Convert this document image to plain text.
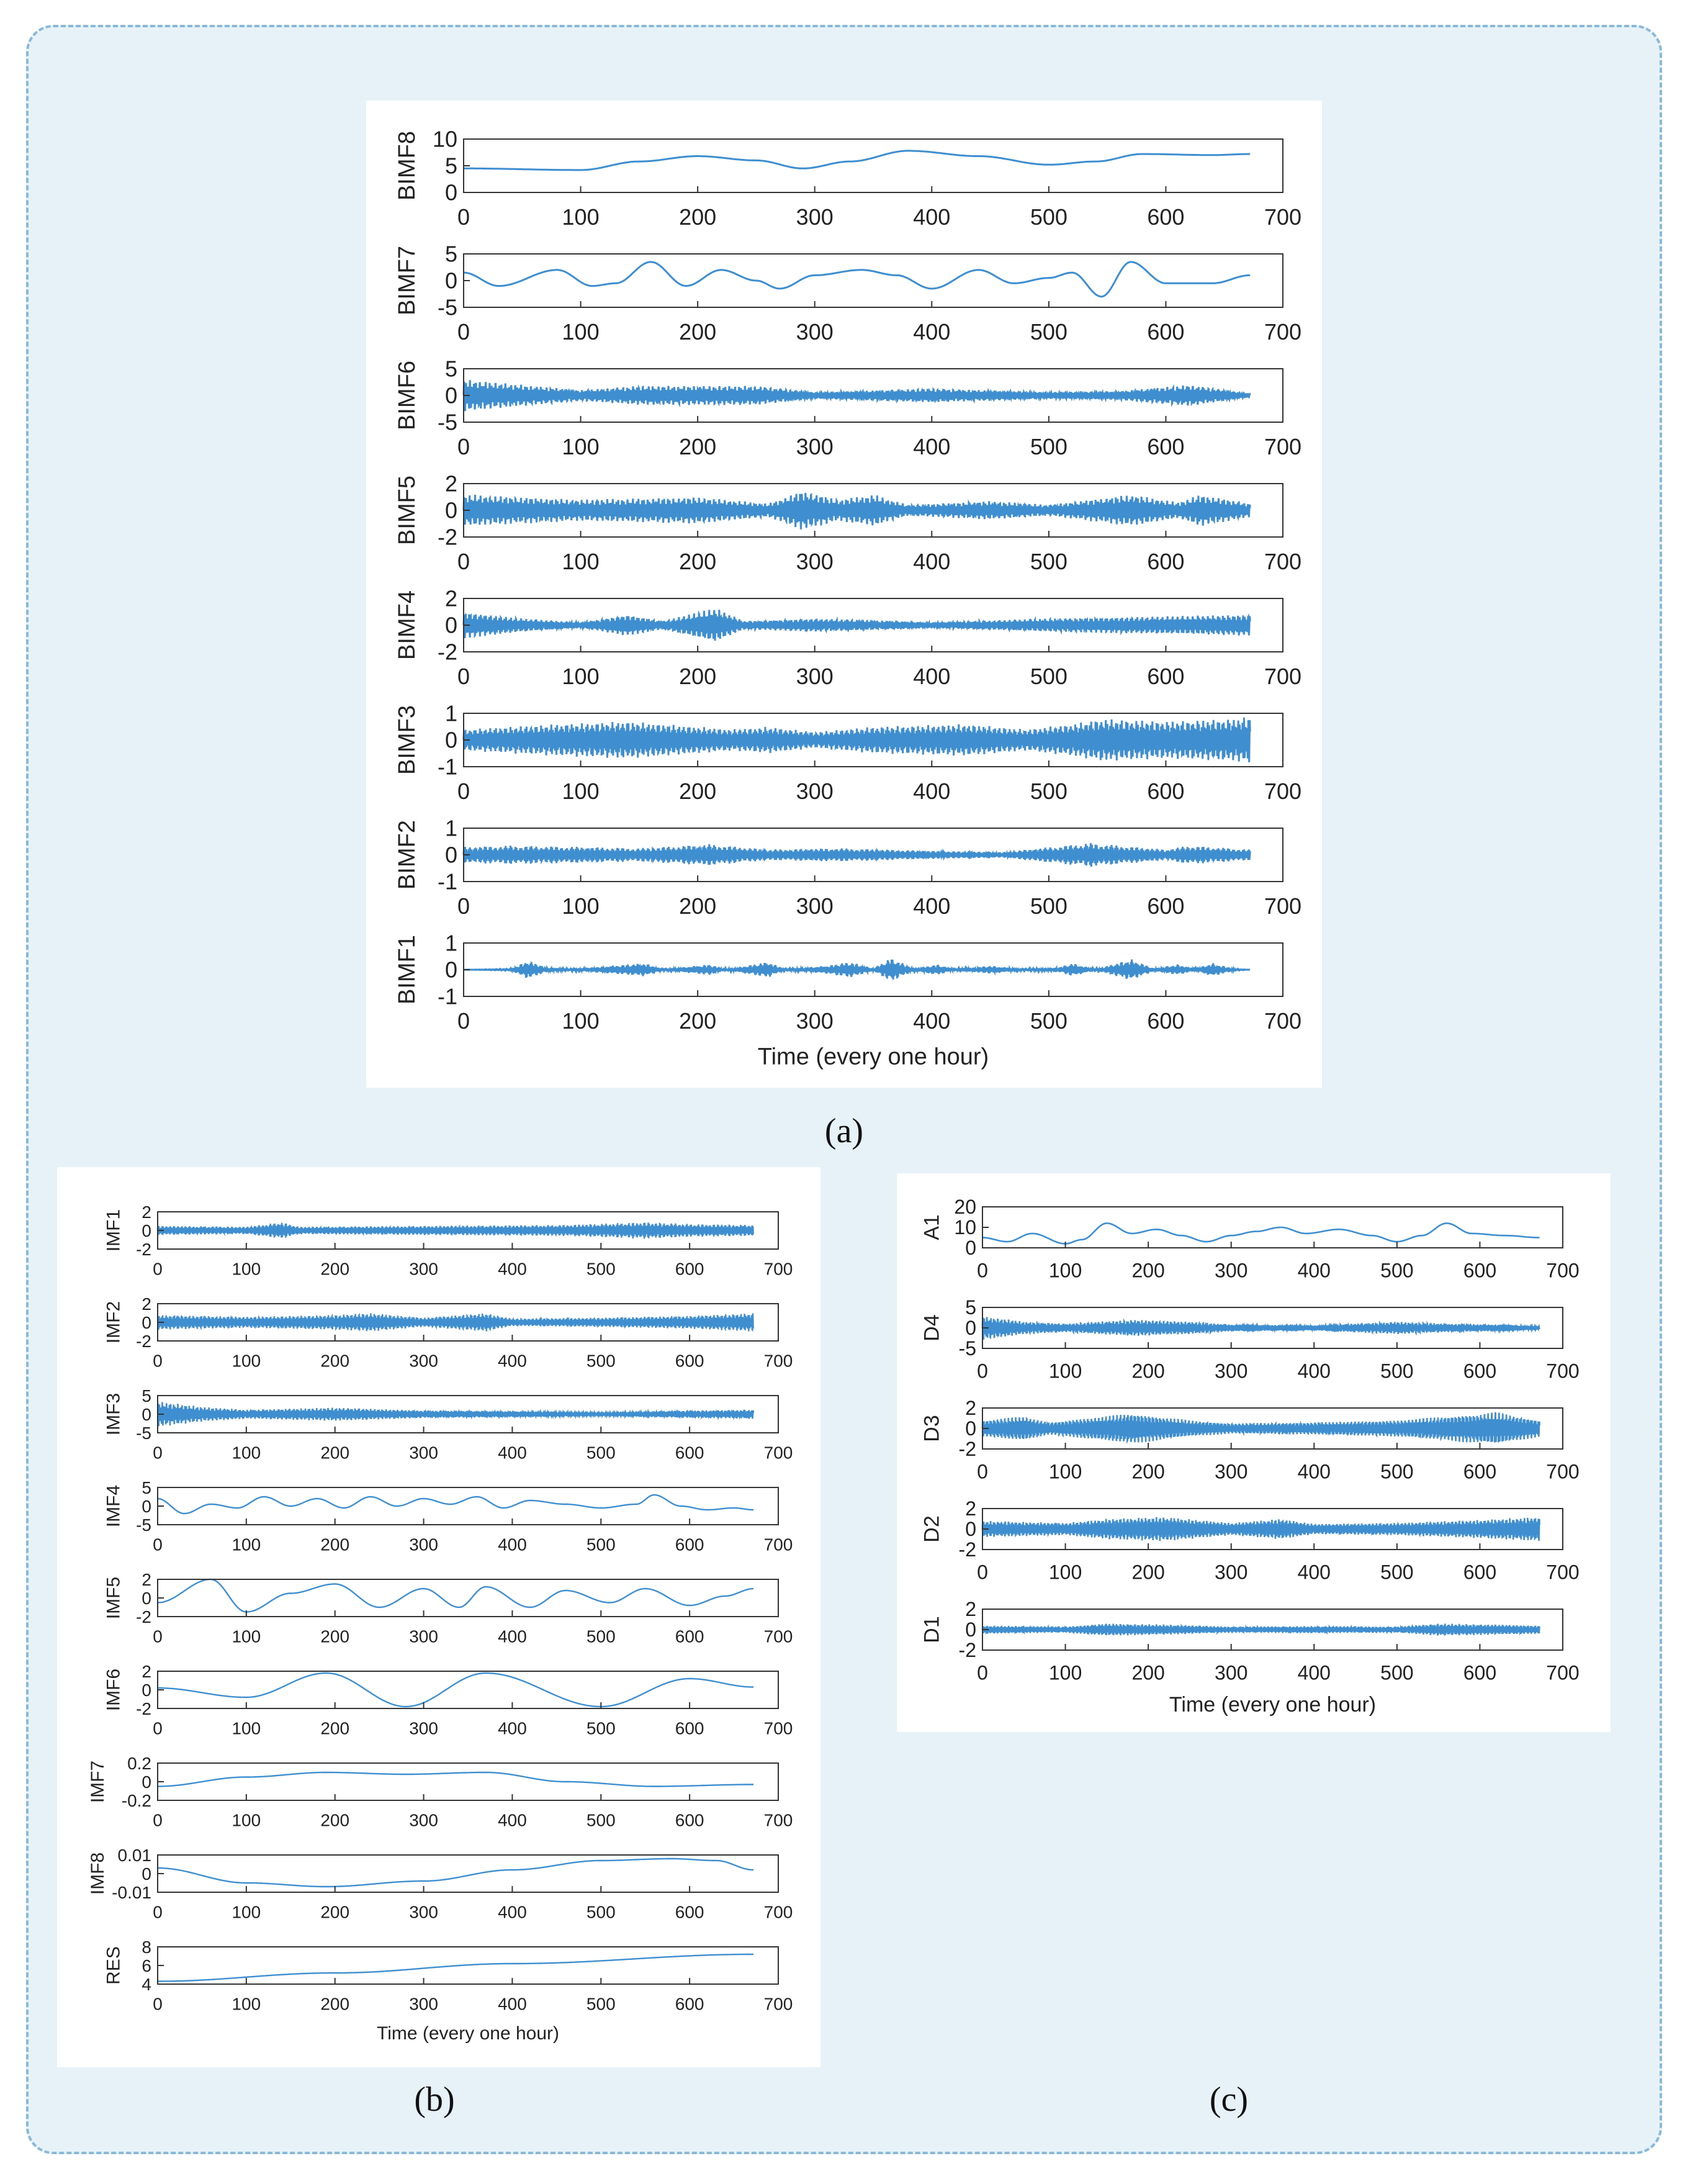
0
5
10
BIMF8
0	100	200	300	400	500	600	700
-5
0
5
BIMF7
0	100	200	300	400	500	600	700
-5
0
5
BIMF6
0	100	200	300	400	500	600	700
-2
0
2
BIMF5
0	100	200	300	400	500	600	700
-2
0
2
BIMF4
0	100	200	300	400	500	600	700
-1
0
1
BIMF3
0	100	200	300	400	500	600	700
-1
0
1
BIMF2
0	100	200	300	400	500	600	700
-1
0
1
BIMF1
0	100	200	300	400	500	600	700
Time (every one hour)
(a)
-2
0
2
IMF1
0	100	200	300	400	500	600	700
-2
0
2
IMF2
0	100	200	300	400	500	600	700
-5
0
5
IMF3
0	100	200	300	400	500	600	700
-5
0
5
IMF4
0	100	200	300	400	500	600	700
-2
0
2
IMF5
0	100	200	300	400	500	600	700
-2
0
2
IMF6
0	100	200	300	400	500	600	700
-0.2
0
0.2
IMF7
0	100	200	300	400	500	600	700
-0.01
0
0.01
IMF8
0	100	200	300	400	500	600	700
4
6
8
RES
0	100	200	300	400	500	600	700
Time (every one hour)
(b)
0
10
20
A1
0	100	200	300	400	500	600	700
-5
0
5
D4
0	100	200	300	400	500	600	700
-2
0
2
D3
0	100	200	300	400	500	600	700
-2
0
2
D2
0	100	200	300	400	500	600	700
-2
0
2
D1
0	100	200	300	400	500	600	700
Time (every one hour)
(c)
